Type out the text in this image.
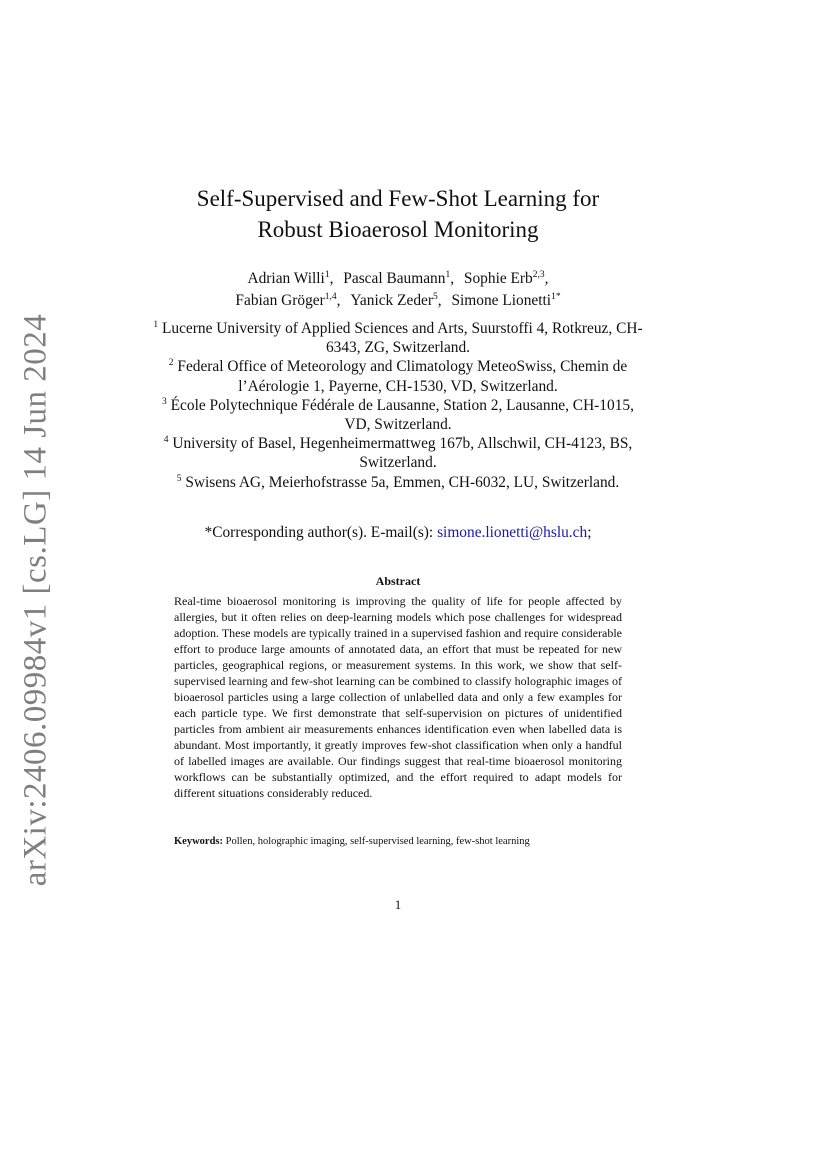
arXiv:2406.09984v1 [cs.LG] 14 Jun 2024
Self-Supervised and Few-Shot Learning for
Robust Bioaerosol Monitoring
Adrian Willi$^1$, Pascal Baumann$^1$, Sophie Erb$^{2,3}$,
Fabian Gröger$^{1,4}$, Yanick Zeder$^5$, Simone Lionetti$^{1*}$

$^1$ Lucerne University of Applied Sciences and Arts, Suurstoffi 4, Rotkreuz, CH-6343, ZG, Switzerland.

$^2$ Federal Office of Meteorology and Climatology MeteoSwiss, Chemin de l’Aérologie 1, Payerne, CH-1530, VD, Switzerland.

$^3$ École Polytechnique Fédérale de Lausanne, Station 2, Lausanne, CH-1015, VD, Switzerland.

$^4$ University of Basel, Hegenheimermattweg 167b, Allschwil, CH-4123, BS, Switzerland.

$^5$ Swisens AG, Meierhofstrasse 5a, Emmen, CH-6032, LU, Switzerland.

*Corresponding author(s). E-mail(s): simone.lionetti@hslu.ch;
Abstract

Real-time bioaerosol monitoring is improving the quality of life for people affected by allergies, but it often relies on deep-learning models which pose challenges for widespread adoption. These models are typically trained in a supervised fashion and require considerable effort to produce large amounts of annotated data, an effort that must be repeated for new particles, geographical regions, or measurement systems. In this work, we show that self-supervised learning and few-shot learning can be combined to classify holographic images of bioaerosol particles using a large collection of unlabelled data and only a few examples for each particle type. We first demonstrate that self-supervision on pictures of unidentified particles from ambient air measurements enhances identification even when labelled data is abundant. Most importantly, it greatly improves few-shot classification when only a handful of labelled images are available. Our findings suggest that real-time bioaerosol monitoring workflows can be substantially optimized, and the effort required to adapt models for different situations considerably reduced.

Keywords: Pollen, holographic imaging, self-supervised learning, few-shot learning
1
